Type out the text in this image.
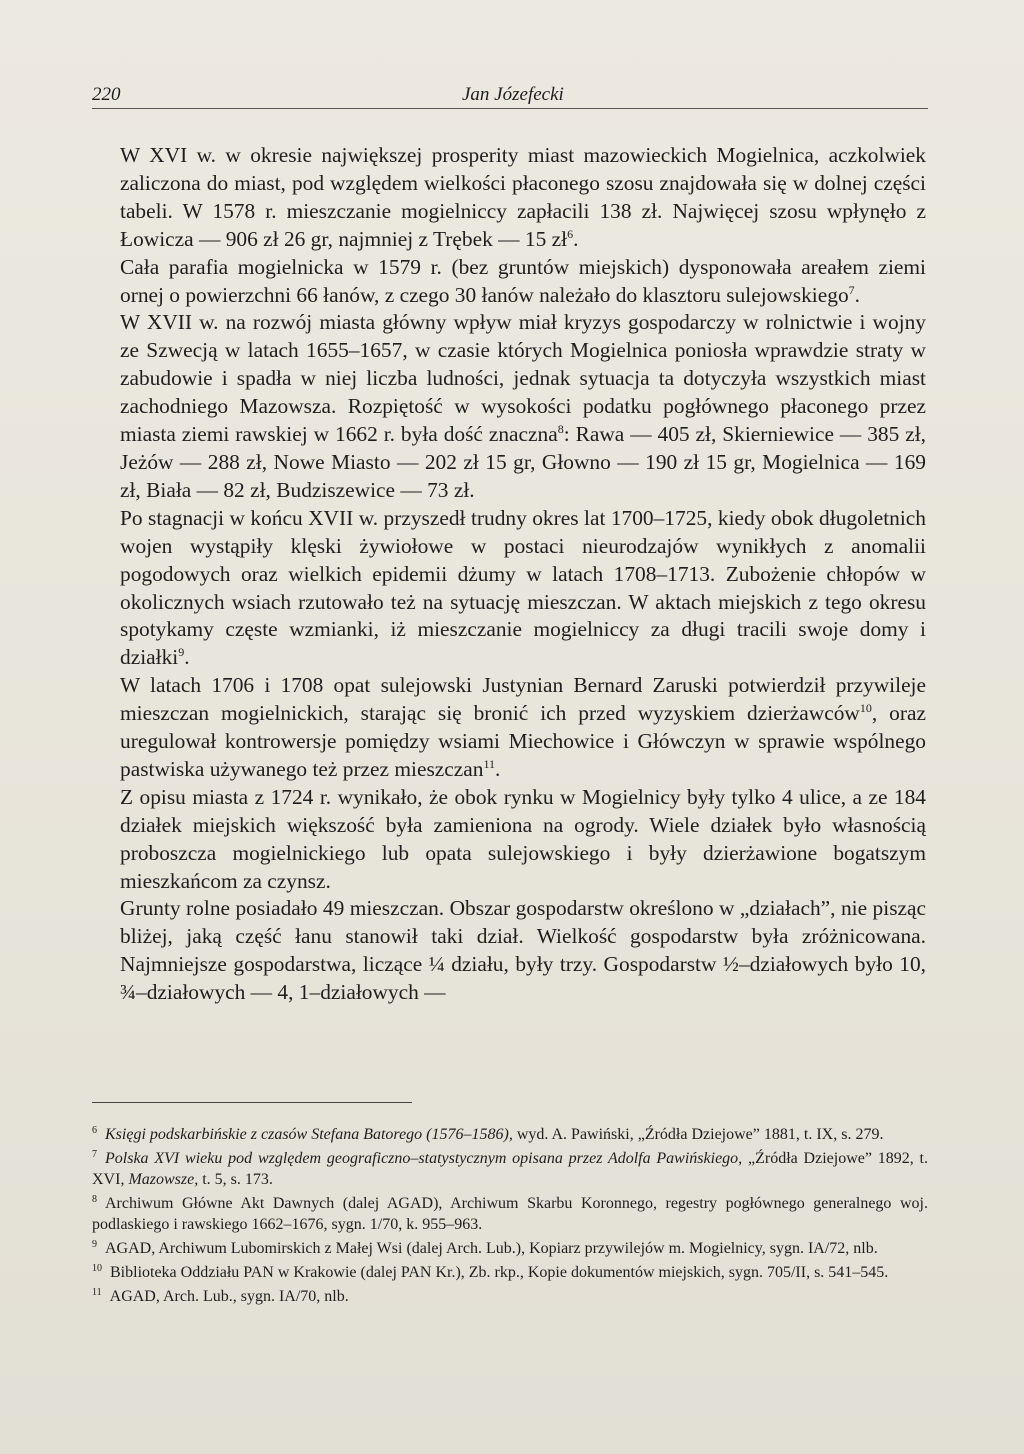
220	Jan Józefecki

W XVI w. w okresie największej prosperity miast mazowieckich Mogielnica, aczkolwiek zaliczona do miast, pod względem wielkości płaconego szosu znajdowała się w dolnej części tabeli. W 1578 r. mieszczanie mogielniccy zapłacili 138 zł. Najwięcej szosu wpłynęło z Łowicza — 906 zł 26 gr, najmniej z Trębek — 15 $zł^6$.

Cała parafia mogielnicka w 1579 r. (bez gruntów miejskich) dysponowała areałem ziemi ornej o powierzchni 66 łanów, z czego 30 łanów należało do klasztoru sulejowskiego$^7$.

W XVII w. na rozwój miasta główny wpływ miał kryzys gospodarczy w rolnictwie i wojny ze Szwecją w latach 1655–1657, w czasie których Mogielnica poniosła wprawdzie straty w zabudowie i spadła w niej liczba ludności, jednak sytuacja ta dotyczyła wszystkich miast zachodniego Mazowsza. Rozpiętość w wysokości podatku pogłównego płaconego przez miasta ziemi rawskiej w 1662 r. była dość znaczna$^8$: Rawa — 405 zł, Skierniewice — 385 zł, Jeżów — 288 zł, Nowe Miasto — 202 zł 15 gr, Głowno — 190 zł 15 gr, Mogielnica — 169 zł, Biała — 82 zł, Budziszewice — 73 zł.

Po stagnacji w końcu XVII w. przyszedł trudny okres lat 1700–1725, kiedy obok długoletnich wojen wystąpiły klęski żywiołowe w postaci nieurodzajów wynikłych z anomalii pogodowych oraz wielkich epidemii dżumy w latach 1708–1713. Zubożenie chłopów w okolicznych wsiach rzutowało też na sytuację mieszczan. W aktach miejskich z tego okresu spotykamy częste wzmianki, iż mieszczanie mogielniccy za długi tracili swoje domy i działki$^9$.

W latach 1706 i 1708 opat sulejowski Justynian Bernard Zaruski potwierdził przywileje mieszczan mogielnickich, starając się bronić ich przed wyzyskiem dzierżawców$^{10}$, oraz uregulował kontrowersje pomiędzy wsiami Miechowice i Główczyn w sprawie wspólnego pastwiska używanego też przez mieszczan$^{11}$.

Z opisu miasta z 1724 r. wynikało, że obok rynku w Mogielnicy były tylko 4 ulice, a ze 184 działek miejskich większość była zamieniona na ogrody. Wiele działek było własnością proboszcza mogielnickiego lub opata sulejowskiego i były dzierżawione bogatszym mieszkańcom za czynsz.

Grunty rolne posiadało 49 mieszczan. Obszar gospodarstw określono w „działach”, nie pisząc bliżej, jaką część łanu stanowił taki dział. Wielkość gospodarstw była zróżnicowana. Najmniejsze gospodarstwa, liczące ¼ działu, były trzy. Gospodarstw ½–działowych było 10, ¾–działowych — 4, 1–działowych —

$^6$ Księgi podskarbińskie z czasów Stefana Batorego (1576–1586), wyd. A. Pawiński, „Źródła Dziejowe” 1881, t. IX, s. 279.

$^7$ Polska XVI wieku pod względem geograficzno–statystycznym opisana przez Adolfa Pawińskiego, „Źródła Dziejowe” 1892, t. XVI, Mazowsze, t. 5, s. 173.

$^8$ Archiwum Główne Akt Dawnych (dalej AGAD), Archiwum Skarbu Koronnego, regestry pogłównego generalnego woj. podlaskiego i rawskiego 1662–1676, sygn. 1/70, k. 955–963.

$^9$ AGAD, Archiwum Lubomirskich z Małej Wsi (dalej Arch. Lub.), Kopiarz przywilejów m. Mogielnicy, sygn. IA/72, nlb.

$^{10}$ Biblioteka Oddziału PAN w Krakowie (dalej PAN Kr.), Zb. rkp., Kopie dokumentów miejskich, sygn. 705/II, s. 541–545.

$^{11}$ AGAD, Arch. Lub., sygn. IA/70, nlb.
